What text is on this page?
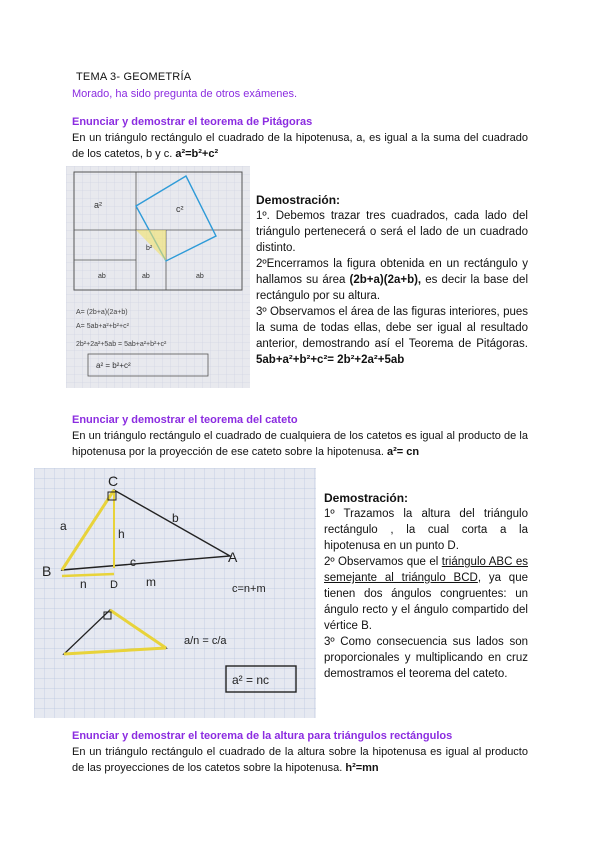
TEMA 3- GEOMETRÍA
Morado, ha sido pregunta de otros exámenes.
Enunciar y demostrar el teorema de Pitágoras
En un triángulo rectángulo el cuadrado de la hipotenusa, a, es igual a la suma del cuadrado de los catetos, b y c. a²=b²+c²
a²	c²
b²
ab	ab	ab
A= (2b+a)(2a+b)
A= 5ab+a²+b²+c²
2b²+2a²+5ab = 5ab+a²+b²+c²
a² = b²+c²
Demostración:
1º. Debemos trazar tres cuadrados, cada lado del triángulo pertenecerá o será el lado de un cuadrado distinto.
2ºEncerramos la figura obtenida en un rectángulo y hallamos su área (2b+a)(2a+b), es decir la base del rectángulo por su altura.
3º Observamos el área de las figuras interiores, pues la suma de todas ellas, debe ser igual al resultado anterior, demostrando así el Teorema de Pitágoras. 5ab+a²+b²+c²= 2b²+2a²+5ab
Enunciar y demostrar el teorema del cateto
En un triángulo rectángulo el cuadrado de cualquiera de los catetos es igual al producto de la hipotenusa por la proyección de ese cateto sobre la hipotenusa. a²= cn
C
A
B
D
a
b
h
c
n	m	c=n+m
a/n = c/a
a² = nc
Demostración:
1º Trazamos la altura del triángulo rectángulo , la cual corta a la hipotenusa en un punto D.
2º Observamos que el triángulo ABC es semejante al triángulo BCD, ya que tienen dos ángulos congruentes: un ángulo recto y el ángulo compartido del vértice B.
3º Como consecuencia sus lados son proporcionales y multiplicando en cruz demostramos el teorema del cateto.
Enunciar y demostrar el teorema de la altura para triángulos rectángulos
En un triángulo rectángulo el cuadrado de la altura sobre la hipotenusa es igual al producto de las proyecciones de los catetos sobre la hipotenusa. h²=mn
